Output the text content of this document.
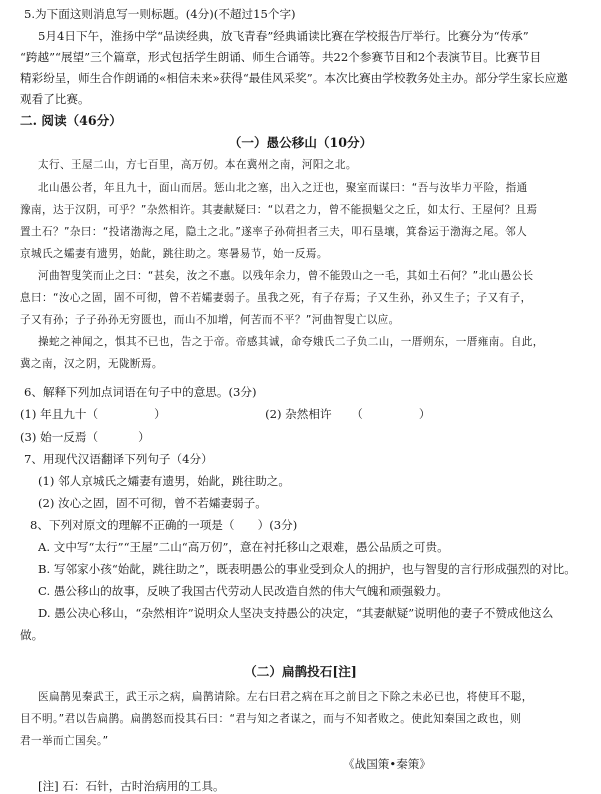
5.为下面这则消息写一则标题。(4分)(不超过15个字)
5月4日下午，淮扬中学“品读经典，放飞青春”经典诵读比赛在学校报告厅举行。比赛分为“传承”
“跨越”“展望”三个篇章，形式包括学生朗诵、师生合诵等。共22个参赛节目和2个表演节目。比赛节目
精彩纷呈，师生合作朗诵的«相信未来»获得“最佳风采奖”。本次比赛由学校教务处主办。部分学生家长应邀
观看了比赛。
二. 阅读（46分）
（一）愚公移山（10分）
太行、王屋二山，方七百里，高万仞。本在冀州之南，河阳之北。
北山愚公者，年且九十，面山而居。惩山北之塞，出入之迂也，聚室而谋曰：“吾与汝毕力平险，指通
豫南，达于汉阴，可乎？”杂然相许。其妻献疑曰：“以君之力，曾不能损魁父之丘，如太行、王屋何？且焉
置土石？”杂曰：“投诸渤海之尾，隐土之北。”遂率子孙荷担者三夫，叩石垦壤，箕畚运于渤海之尾。邻人
京城氏之孀妻有遗男，始龀，跳往助之。寒暑易节，始一反焉。
河曲智叟笑而止之曰：“甚矣，汝之不惠。以残年余力，曾不能毁山之一毛，其如土石何？”北山愚公长
息曰：“汝心之固，固不可彻，曾不若孀妻弱子。虽我之死，有子存焉；子又生孙，孙又生子；子又有子，
子又有孙；子子孙孙无穷匮也，而山不加增，何苦而不平？”河曲智叟亡以应。
操蛇之神闻之，惧其不已也，告之于帝。帝感其诚，命夸娥氏二子负二山，一厝朔东，一厝雍南。自此，
冀之南，汉之阴，无陇断焉。
6、解释下列加点词语在句子中的意思。(3分)
(1) 年且九十（	）	(2) 杂然相许 （	）
(3) 始一反焉（	）
7、用现代汉语翻译下列句子（4分）
(1) 邻人京城氏之孀妻有遗男，始龀，跳往助之。
(2) 汝心之固，固不可彻，曾不若孀妻弱子。
8、下列对原文的理解不正确的一项是（　　）(3分)
A. 文中写“太行”“王屋”二山“高万仞”，意在衬托移山之艰难，愚公品质之可贵。
B. 写邻家小孩“始龀，跳往助之”，既表明愚公的事业受到众人的拥护，也与智叟的言行形成强烈的对比。
C. 愚公移山的故事，反映了我国古代劳动人民改造自然的伟大气魄和顽强毅力。
D. 愚公决心移山，“杂然相许”说明众人坚决支持愚公的决定，“其妻献疑”说明他的妻子不赞成他这么
做。
（二）扁鹊投石[注]
医扁鹊见秦武王，武王示之病，扁鹊请除。左右曰君之病在耳之前目之下除之未必已也，将使耳不聪，
目不明。”君以告扁鹊。扁鹊怒而投其石曰：“君与知之者谋之，而与不知者败之。使此知秦国之政也，则
君一举而亡国矣。”
《战国策•秦策》
[注] 石：石针，古时治病用的工具。
